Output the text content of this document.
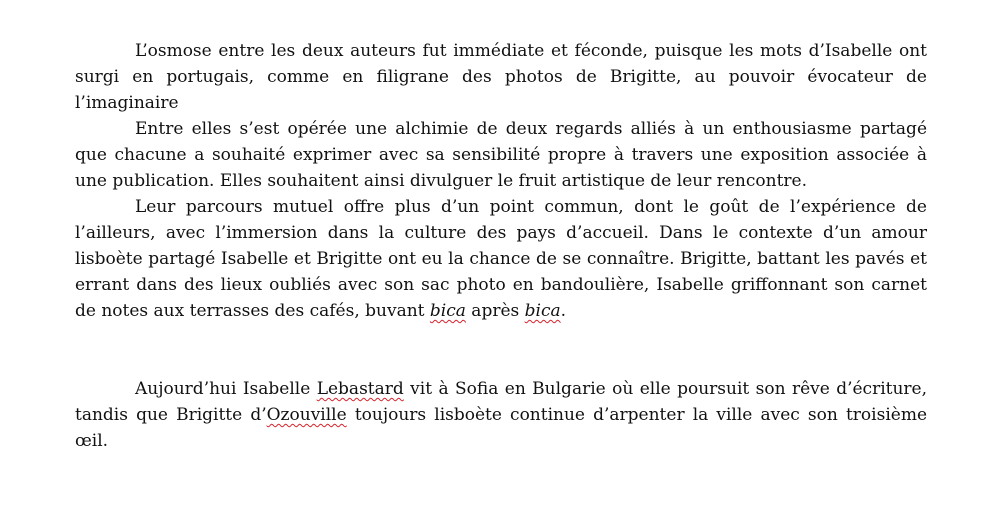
L’osmose entre les deux auteurs fut immédiate et féconde, puisque les mots d’Isabelle ont surgi en portugais, comme en filigrane des photos de Brigitte, au pouvoir évocateur de l’imaginaire

Entre elles s’est opérée une alchimie de deux regards alliés à un enthousiasme partagé que chacune a souhaité exprimer avec sa sensibilité propre à travers une exposition associée à une publication. Elles souhaitent ainsi divulguer le fruit artistique de leur rencontre.

Leur parcours mutuel offre plus d’un point commun, dont le goût de l’expérience de l’ailleurs, avec l’immersion dans la culture des pays d’accueil. Dans le contexte d’un amour lisboète partagé Isabelle et Brigitte ont eu la chance de se connaître. Brigitte, battant les pavés et errant dans des lieux oubliés avec son sac photo en bandoulière, Isabelle griffonnant son carnet de notes aux terrasses des cafés, buvant bica après bica.

Aujourd’hui Isabelle Lebastard vit à Sofia en Bulgarie où elle poursuit son rêve d’écriture, tandis que Brigitte d’Ozouville toujours lisboète continue d’arpenter la ville avec son troisième œil.
